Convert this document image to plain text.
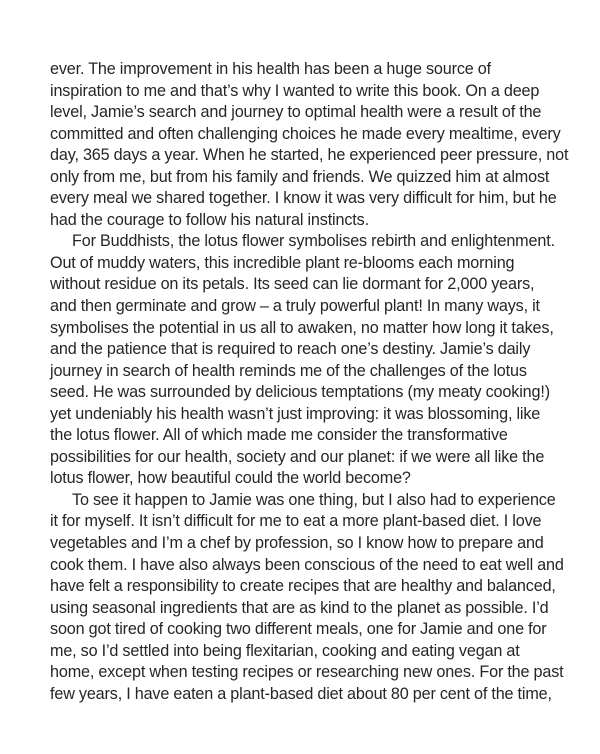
ever. The improvement in his health has been a huge source of
inspiration to me and that’s why I wanted to write this book. On a deep
level, Jamie’s search and journey to optimal health were a result of the
committed and often challenging choices he made every mealtime, every
day, 365 days a year. When he started, he experienced peer pressure, not
only from me, but from his family and friends. We quizzed him at almost
every meal we shared together. I know it was very difficult for him, but he
had the courage to follow his natural instincts.
For Buddhists, the lotus flower symbolises rebirth and enlightenment.
Out of muddy waters, this incredible plant re-blooms each morning
without residue on its petals. Its seed can lie dormant for 2,000 years,
and then germinate and grow – a truly powerful plant! In many ways, it
symbolises the potential in us all to awaken, no matter how long it takes,
and the patience that is required to reach one’s destiny. Jamie’s daily
journey in search of health reminds me of the challenges of the lotus
seed. He was surrounded by delicious temptations (my meaty cooking!)
yet undeniably his health wasn’t just improving: it was blossoming, like
the lotus flower. All of which made me consider the transformative
possibilities for our health, society and our planet: if we were all like the
lotus flower, how beautiful could the world become?
To see it happen to Jamie was one thing, but I also had to experience
it for myself. It isn’t difficult for me to eat a more plant-based diet. I love
vegetables and I’m a chef by profession, so I know how to prepare and
cook them. I have also always been conscious of the need to eat well and
have felt a responsibility to create recipes that are healthy and balanced,
using seasonal ingredients that are as kind to the planet as possible. I’d
soon got tired of cooking two different meals, one for Jamie and one for
me, so I’d settled into being flexitarian, cooking and eating vegan at
home, except when testing recipes or researching new ones. For the past
few years, I have eaten a plant-based diet about 80 per cent of the time,
